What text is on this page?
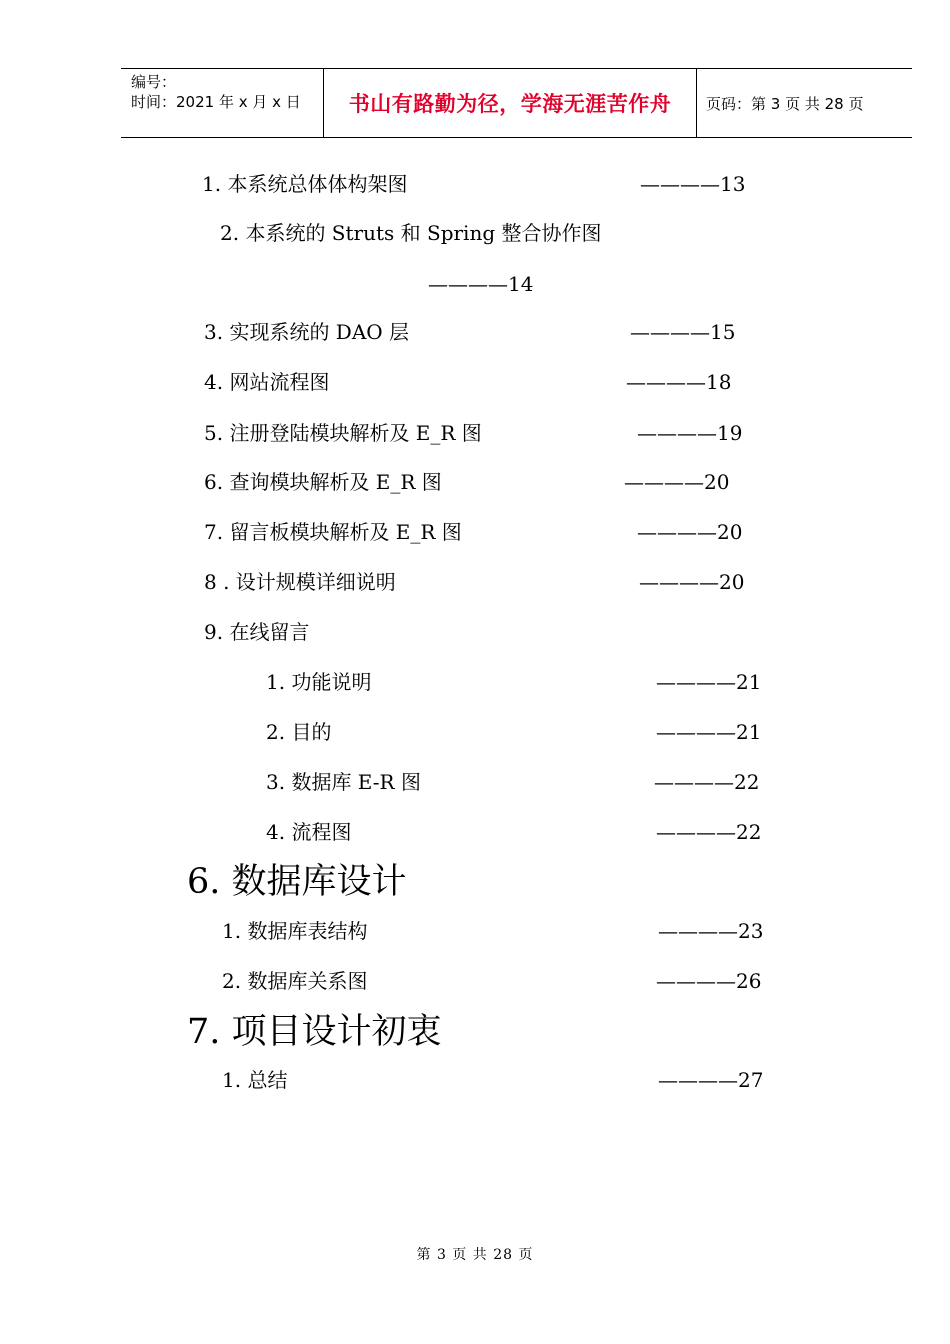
编号：
时间：2021 年 x 月 x 日	书山有路勤为径，学海无涯苦作舟	页码：第 3 页 共 28 页
1. 本系统总体体构架图	————13
2. 本系统的 Struts 和 Spring 整合协作图
————14
3. 实现系统的 DAO 层	————15
4. 网站流程图	————18
5. 注册登陆模块解析及 E_R 图	————19
6. 查询模块解析及 E_R 图	————20
7. 留言板模块解析及 E_R 图	————20
8 . 设计规模详细说明	————20
9. 在线留言
1. 功能说明	————21
2. 目的	————21
3. 数据库 E-R 图	————22
4. 流程图	————22
6. 数据库设计
1. 数据库表结构	————23
2. 数据库关系图	————26
7. 项目设计初衷
1. 总结	————27
第 3 页 共 28 页
